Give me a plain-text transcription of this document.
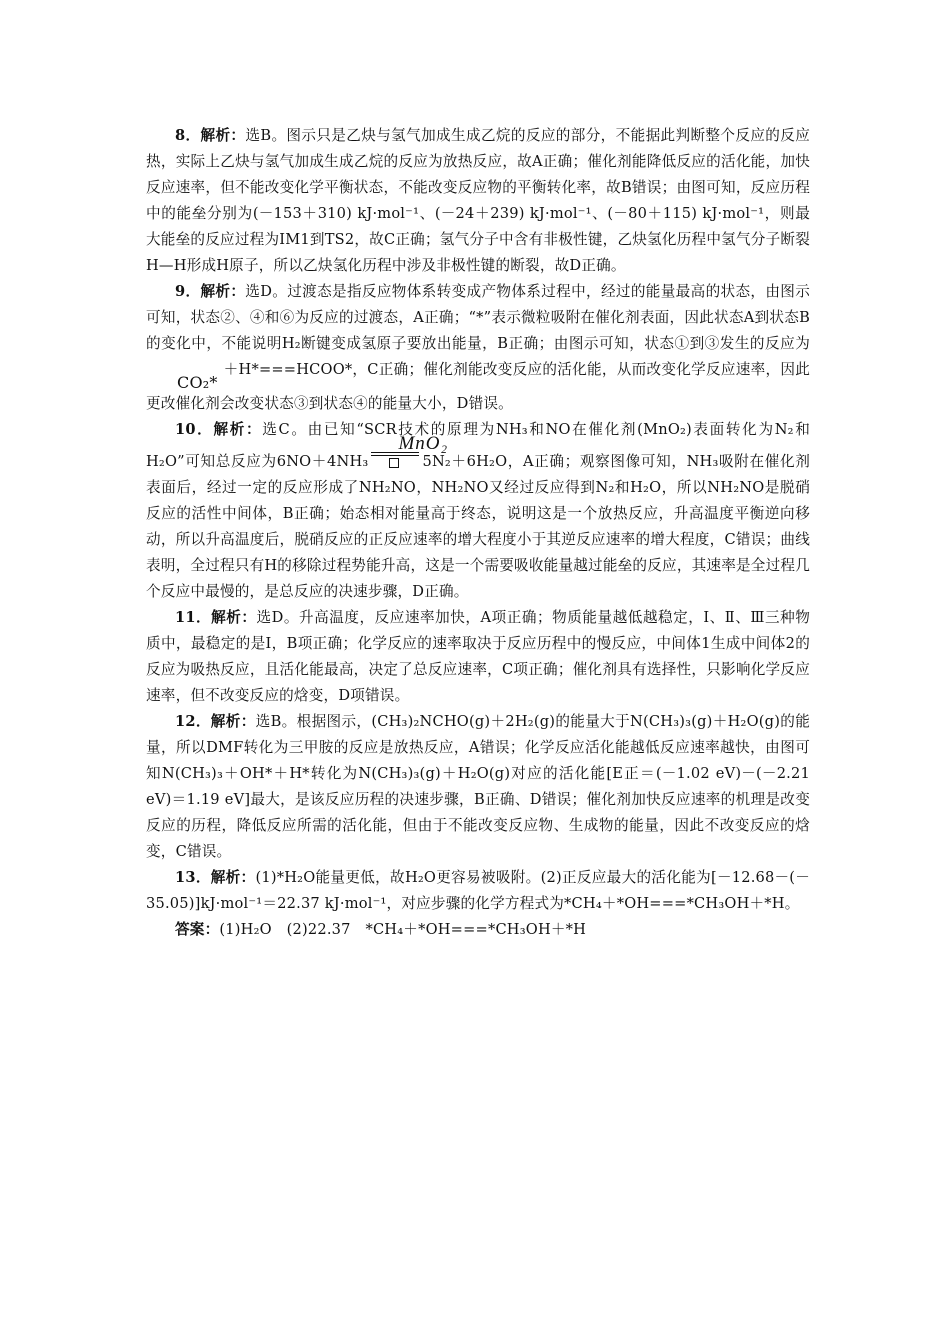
8．解析：选B。图示只是乙炔与氢气加成生成乙烷的反应的部分，不能据此判断整个反应的反应热，实际上乙炔与氢气加成生成乙烷的反应为放热反应，故A正确；催化剂能降低反应的活化能，加快反应速率，但不能改变化学平衡状态，不能改变反应物的平衡转化率，故B错误；由图可知，反应历程中的能垒分别为(－153＋310) kJ·mol⁻¹、(－24＋239) kJ·mol⁻¹、(－80＋115) kJ·mol⁻¹，则最大能垒的反应过程为IM1到TS2，故C正确；氢气分子中含有非极性键，乙炔氢化历程中氢气分子断裂H—H形成H原子，所以乙炔氢化历程中涉及非极性键的断裂，故D正确。

9．解析：选D。过渡态是指反应物体系转变成产物体系过程中，经过的能量最高的状态，由图示可知，状态②、④和⑥为反应的过渡态，A正确；“*”表示微粒吸附在催化剂表面，因此状态A到状态B的变化中，不能说明H₂断键变成氢原子要放出能量，B正确；由图示可知，状态①到③发生的反应为CO₂*＋H*===HCOO*，C正确；催化剂能改变反应的活化能，从而改变化学反应速率，因此更改催化剂会改变状态③到状态④的能量大小，D错误。

10．解析：选C。由已知“SCR技术的原理为NH₃和NO在催化剂(MnO₂)表面转化为N₂和H₂O”可知总反应为6NO＋4NH₃
MnO₂
5N₂＋6H₂O，A正确；观察图像可知，NH₃吸附在催化剂表面后，经过一定的反应形成了NH₂NO，NH₂NO又经过反应得到N₂和H₂O，所以NH₂NO是脱硝反应的活性中间体，B正确；始态相对能量高于终态，说明这是一个放热反应，升高温度平衡逆向移动，所以升高温度后，脱硝反应的正反应速率的增大程度小于其逆反应速率的增大程度，C错误；曲线表明，全过程只有H的移除过程势能升高，这是一个需要吸收能量越过能垒的反应，其速率是全过程几个反应中最慢的，是总反应的决速步骤，D正确。

11．解析：选D。升高温度，反应速率加快，A项正确；物质能量越低越稳定，Ⅰ、Ⅱ、Ⅲ三种物质中，最稳定的是Ⅰ，B项正确；化学反应的速率取决于反应历程中的慢反应，中间体1生成中间体2的反应为吸热反应，且活化能最高，决定了总反应速率，C项正确；催化剂具有选择性，只影响化学反应速率，但不改变反应的焓变，D项错误。

12．解析：选B。根据图示，(CH₃)₂NCHO(g)＋2H₂(g)的能量大于N(CH₃)₃(g)＋H₂O(g)的能量，所以DMF转化为三甲胺的反应是放热反应，A错误；化学反应活化能越低反应速率越快，由图可知N(CH₃)₃＋OH*＋H*转化为N(CH₃)₃(g)＋H₂O(g)对应的活化能[E正＝(－1.02 eV)－(－2.21 eV)＝1.19 eV]最大，是该反应历程的决速步骤，B正确、D错误；催化剂加快反应速率的机理是改变反应的历程，降低反应所需的活化能，但由于不能改变反应物、生成物的能量，因此不改变反应的焓变，C错误。

13．解析：(1)*H₂O能量更低，故H₂O更容易被吸附。(2)正反应最大的活化能为[－12.68－(－35.05)]kJ·mol⁻¹＝22.37 kJ·mol⁻¹，对应步骤的化学方程式为*CH₄＋*OH===*CH₃OH＋*H。

答案：(1)H₂O　(2)22.37　*CH₄＋*OH===*CH₃OH＋*H
